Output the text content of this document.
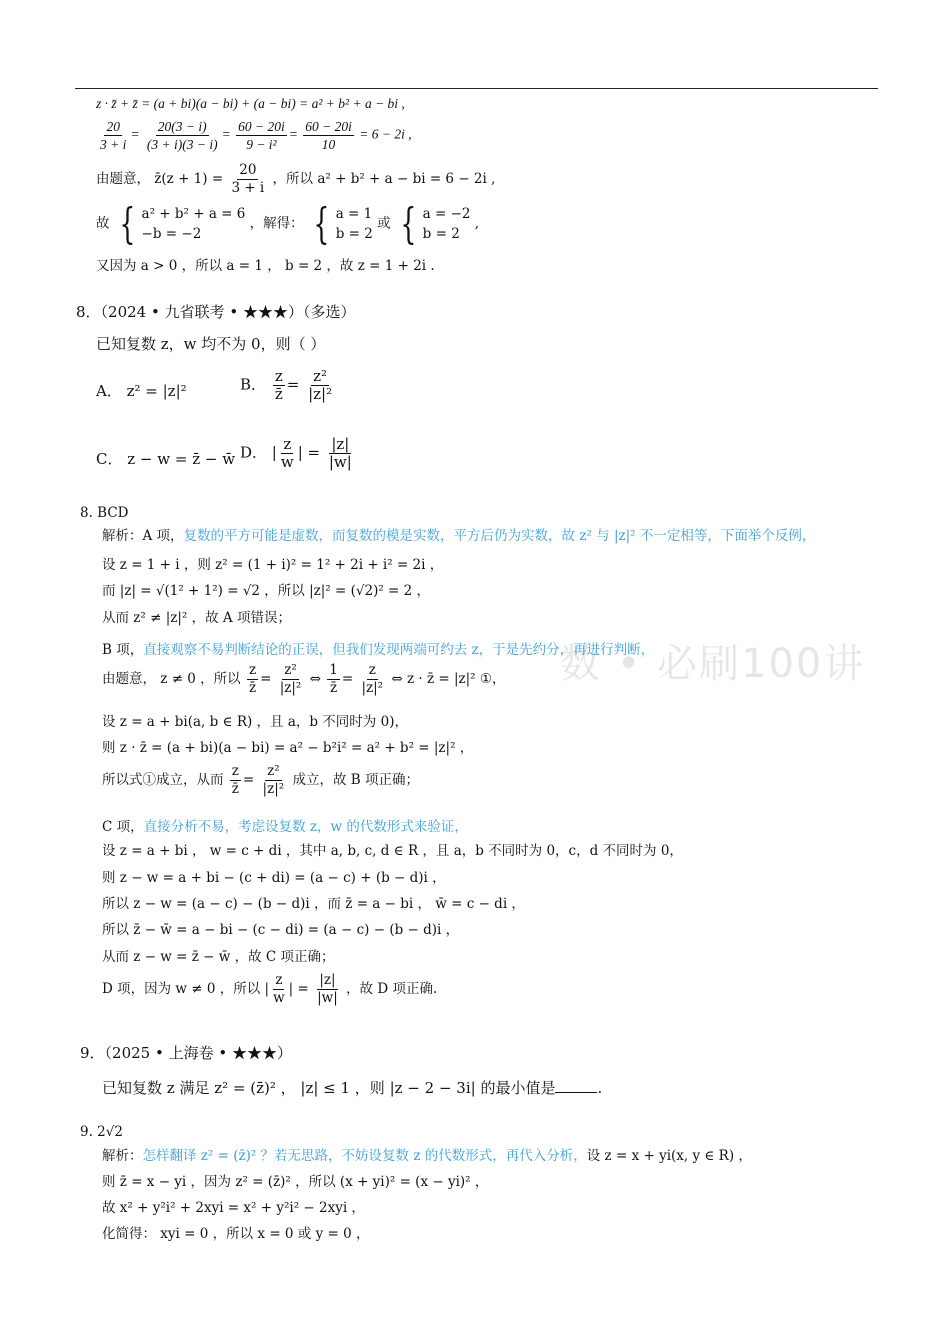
数 • 必刷100讲
z · z̄ + z̄ = (a + bi)(a − bi) + (a − bi) = a² + b² + a − bi ,
$\frac{20}{3 + i} = \frac{20(3 - i)}{(3 + i)(3 - i)} = \frac{60 - 20i}{\text{9 − i²}} = \frac{60 - 20i}{10} = 6 - 2i$ ,
由题意， z̄(z + $1) = \frac{20}{3 + i}$ ，所以 a² + b² + a − bi = 6 − 2i ,
故 { a² + b² + a = 6
−b = −2
，解得： { a = 1
b = 2
或 { a = −2
b = 2
,
又因为 a > 0 ，所以 a = 1 ， b = 2 ，故 z = 1 + 2i .
8．（2024 • 九省联考 • ★★★）（多选）
已知复数 z，w 均不为 0，则（ ）
A． z² = |z|²	B． $\frac{z}{z̄} = \frac{\text{z²}}{\text{|z|²}}$
C． z − w = z̄ − w̄ D． | $\frac{z}{w}$ | = $\frac{|z|}{|w|}$
8. BCD
解析：A 项，复数的平方可能是虚数，而复数的模是实数，平方后仍为实数，故 z² 与 |z|² 不一定相等，下面举个反例，
设 z = 1 + i ，则 z² = (1 + i)² = 1² + 2i + i² = 2i ，
而 |z| = √(1² + 1²) = √2 ，所以 |z|² = (√2)² = 2 ，
从而 z² ≠ |z|² ，故 A 项错误；
B 项，直接观察不易判断结论的正误，但我们发现两端可约去 z，于是先约分，再进行判断，
由题意， z ≠ 0 ，所以 $\frac{z}{z̄} = \frac{\text{z²}}{\text{|z|²}}$ ⇔ $\frac{1}{z̄} = \frac{z}{\text{|z|²}}$ ⇔ z · z̄ = |z|² ①，
设 z = a + bi(a, b ∈ R) ，且 a，b 不同时为 0)，
则 z · z̄ = (a + bi)(a − bi) = a² − b²i² = a² + b² = |z|² ，
所以式①成立，从而 $\frac{z}{z̄} = \frac{\text{z²}}{\text{|z|²}}$ 成立，故 B 项正确；
C 项，直接分析不易，考虑设复数 z，w 的代数形式来验证，
设 z = a + bi ， w = c + di ，其中 a, b, c, d ∈ R ，且 a，b 不同时为 0，c，d 不同时为 0，
则 z − w = a + bi − (c + di) = (a − c) + (b − d)i ，
所以 z − w = (a − c) − (b − d)i ，而 z̄ = a − bi ， w̄ = c − di ，
所以 z̄ − w̄ = a − bi − (c − di) = (a − c) − (b − d)i ，
从而 z − w = z̄ − w̄ ，故 C 项正确；
D 项，因为 w ≠ 0 ，所以 | $\frac{z}{w}$ | = $\frac{|z|}{|w|}$ ，故 D 项正确.
9．（2025 • 上海卷 • ★★★）
已知复数 z 满足 z² = (z̄)² ， |z| ≤ 1 ，则 |z − 2 − 3i| 的最小值是	.
9. 2√2
解析：怎样翻译 z² = (z̄)² ？若无思路，不妨设复数 z 的代数形式，再代入分析，设 z = x + yi(x, y ∈ R) ，
则 z̄ = x − yi ，因为 z² = (z̄)² ，所以 (x + yi)² = (x − yi)² ，
故 x² + y²i² + 2xyi = x² + y²i² − 2xyi ，
化简得： xyi = 0 ，所以 x = 0 或 y = 0 ，
